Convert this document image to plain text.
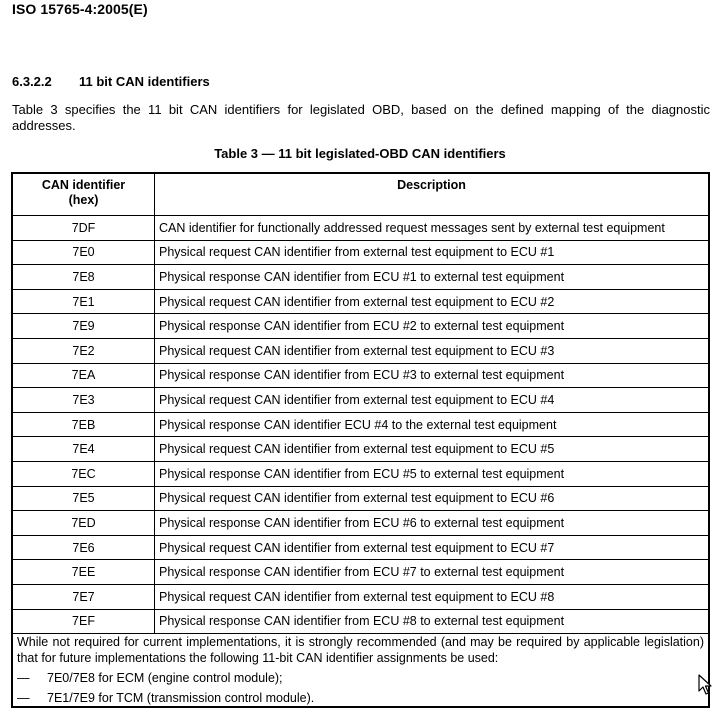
ISO 15765-4:2005(E)
6.3.2.2 11 bit CAN identifiers
Table 3 specifies the 11 bit CAN identifiers for legislated OBD, based on the defined mapping of the diagnostic addresses.
Table 3 — 11 bit legislated-OBD CAN identifiers
CAN identifier
(hex)	Description
7DF	CAN identifier for functionally addressed request messages sent by external test equipment
7E0	Physical request CAN identifier from external test equipment to ECU #1
7E8	Physical response CAN identifier from ECU #1 to external test equipment
7E1	Physical request CAN identifier from external test equipment to ECU #2
7E9	Physical response CAN identifier from ECU #2 to external test equipment
7E2	Physical request CAN identifier from external test equipment to ECU #3
7EA	Physical response CAN identifier from ECU #3 to external test equipment
7E3	Physical request CAN identifier from external test equipment to ECU #4
7EB	Physical response CAN identifier ECU #4 to the external test equipment
7E4	Physical request CAN identifier from external test equipment to ECU #5
7EC	Physical response CAN identifier from ECU #5 to external test equipment
7E5	Physical request CAN identifier from external test equipment to ECU #6
7ED	Physical response CAN identifier from ECU #6 to external test equipment
7E6	Physical request CAN identifier from external test equipment to ECU #7
7EE	Physical response CAN identifier from ECU #7 to external test equipment
7E7	Physical request CAN identifier from external test equipment to ECU #8
7EF	Physical response CAN identifier from ECU #8 to external test equipment

While not required for current implementations, it is strongly recommended (and may be required by applicable legislation) that for future implementations the following 11-bit CAN identifier assignments be used:
— 7E0/7E8 for ECM (engine control module);
— 7E1/7E9 for TCM (transmission control module).	
